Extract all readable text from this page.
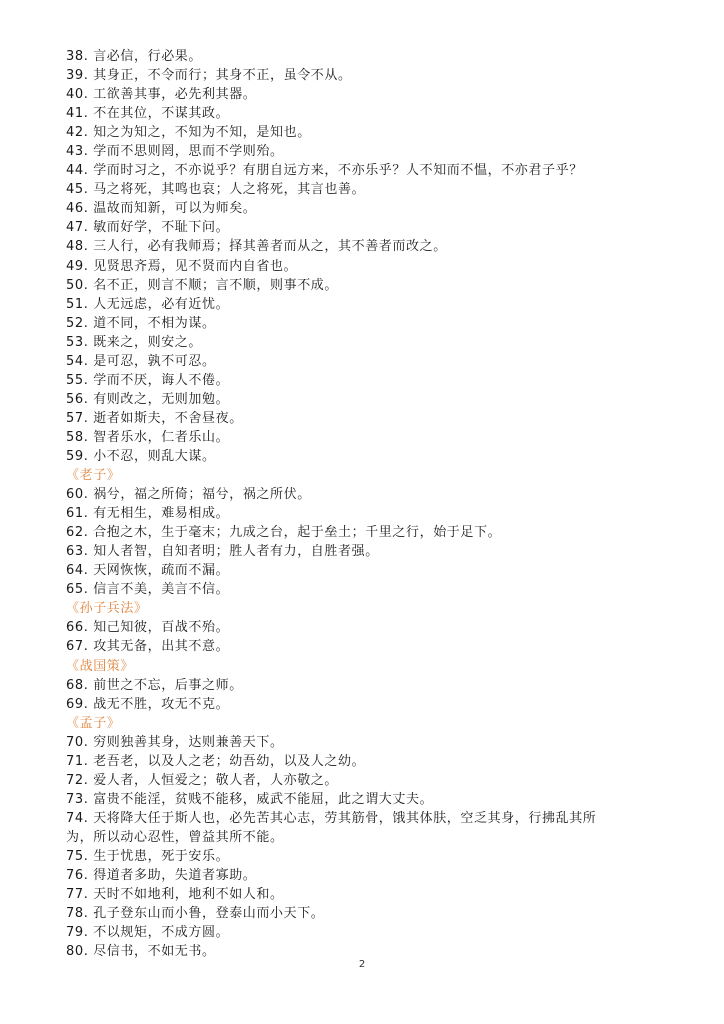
38. 言必信，行必果。
39. 其身正，不令而行；其身不正，虽令不从。
40. 工欲善其事，必先利其器。
41. 不在其位，不谋其政。
42. 知之为知之，不知为不知，是知也。
43. 学而不思则罔，思而不学则殆。
44. 学而时习之，不亦说乎？有朋自远方来，不亦乐乎？人不知而不愠，不亦君子乎？
45. 马之将死，其鸣也哀；人之将死，其言也善。
46. 温故而知新，可以为师矣。
47. 敏而好学，不耻下问。
48. 三人行，必有我师焉；择其善者而从之，其不善者而改之。
49. 见贤思齐焉，见不贤而内自省也。
50. 名不正，则言不顺；言不顺，则事不成。
51. 人无远虑，必有近忧。
52. 道不同，不相为谋。
53. 既来之，则安之。
54. 是可忍，孰不可忍。
55. 学而不厌，诲人不倦。
56. 有则改之，无则加勉。
57. 逝者如斯夫，不舍昼夜。
58. 智者乐水，仁者乐山。
59. 小不忍，则乱大谋。
《老子》
60. 祸兮，福之所倚；福兮，祸之所伏。
61. 有无相生，难易相成。
62. 合抱之木，生于毫末；九成之台，起于垒土；千里之行，始于足下。
63. 知人者智，自知者明；胜人者有力，自胜者强。
64. 天网恢恢，疏而不漏。
65. 信言不美，美言不信。
《孙子兵法》
66. 知己知彼，百战不殆。
67. 攻其无备，出其不意。
《战国策》
68. 前世之不忘，后事之师。
69. 战无不胜，攻无不克。
《孟子》
70. 穷则独善其身，达则兼善天下。
71. 老吾老，以及人之老；幼吾幼，以及人之幼。
72. 爱人者，人恒爱之；敬人者，人亦敬之。
73. 富贵不能淫，贫贱不能移，威武不能屈，此之谓大丈夫。
74. 天将降大任于斯人也，必先苦其心志，劳其筋骨，饿其体肤，空乏其身，行拂乱其所
为，所以动心忍性，曾益其所不能。
75. 生于忧患，死于安乐。
76. 得道者多助，失道者寡助。
77. 天时不如地利，地利不如人和。
78. 孔子登东山而小鲁，登泰山而小天下。
79. 不以规矩，不成方圆。
80. 尽信书，不如无书。
2
